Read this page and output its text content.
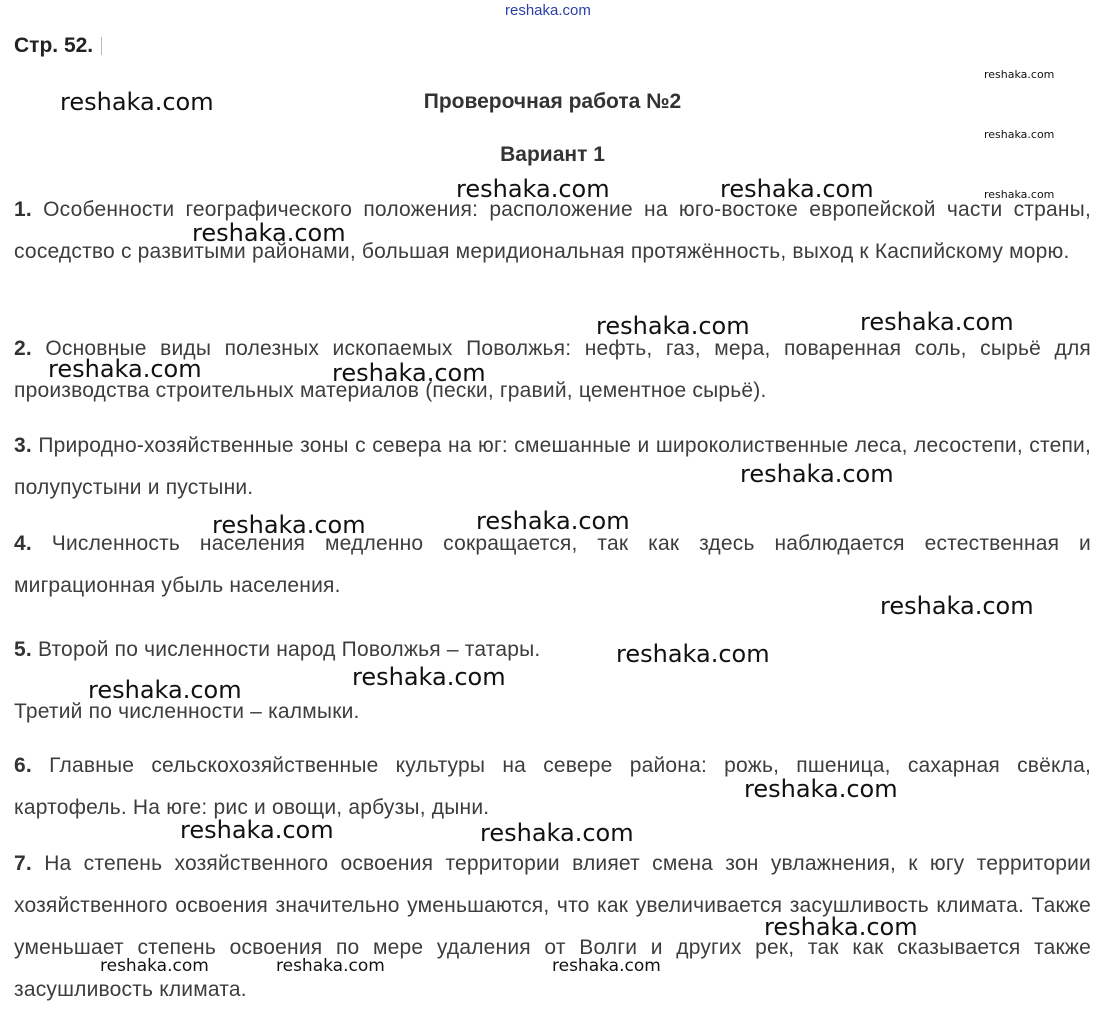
reshaka.com
Стр. 52.
Проверочная работа №2
Вариант 1
1. Особенности географического положения: расположение на юго-востоке европейской части страны, соседство с развитыми районами, большая меридиональная протяжённость, выход к Каспийскому морю.
2. Основные виды полезных ископаемых Поволжья: нефть, газ, мера, поваренная соль, сырьё для производства строительных материалов (пески, гравий, цементное сырьё).
3. Природно-хозяйственные зоны с севера на юг: смешанные и широколиственные леса, лесостепи, степи, полупустыни и пустыни.
4. Численность населения медленно сокращается, так как здесь наблюдается естественная и миграционная убыль населения.
5. Второй по численности народ Поволжья – татары.
Третий по численности – калмыки.
6. Главные сельскохозяйственные культуры на севере района: рожь, пшеница, сахарная свёкла, картофель. На юге: рис и овощи, арбузы, дыни.
7. На степень хозяйственного освоения территории влияет смена зон увлажнения, к югу территории хозяйственного освоения значительно уменьшаются, что как увеличивается засушливость климата. Также уменьшает степень освоения по мере удаления от Волги и других рек, так как сказывается также засушливость климата.
reshaka.com
reshaka.com
reshaka.com
reshaka.com
reshaka.com	reshaka.com
reshaka.com
reshaka.com	reshaka.com
reshaka.com	reshaka.com
reshaka.com
reshaka.com	reshaka.com
reshaka.com
reshaka.com
reshaka.com
reshaka.com
reshaka.com
reshaka.com	reshaka.com
reshaka.com
reshaka.com	reshaka.com	reshaka.com
